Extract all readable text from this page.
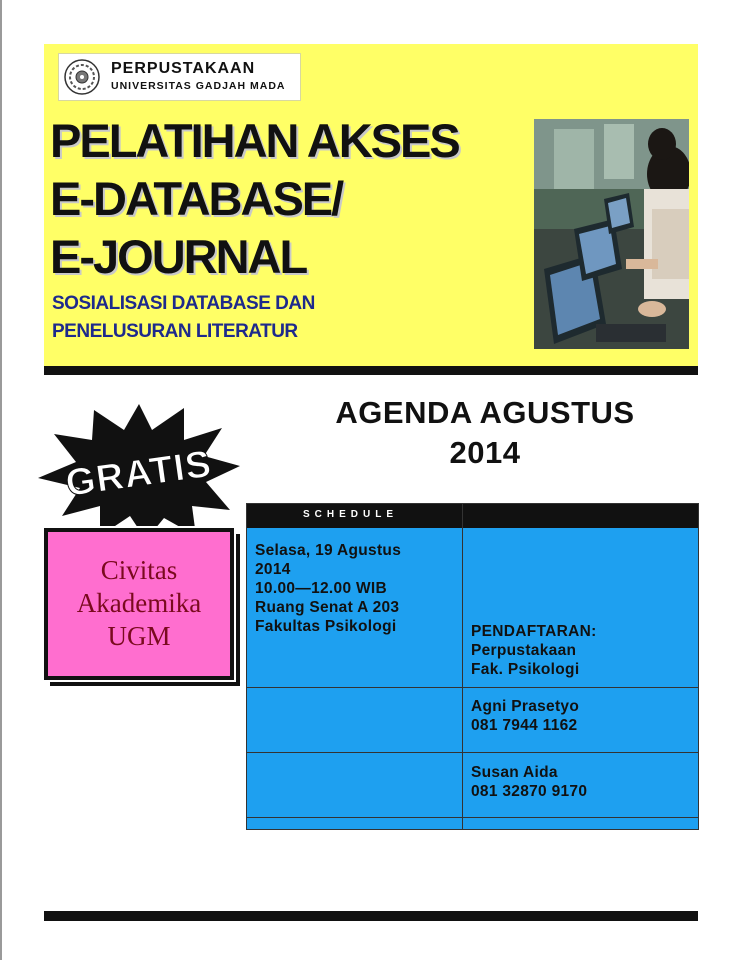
PERPUSTAKAAN
UNIVERSITAS GADJAH MADA
PELATIHAN AKSES
E-DATABASE/
E-JOURNAL
SOSIALISASI DATABASE DAN
PENELUSURAN LITERATUR
AGENDA AGUSTUS
2014
GRATIS
Civitas
Akademika
UGM
SCHEDULE
Selasa, 19 Agustus
2014
10.00—12.00 WIB
Ruang Senat A 203
Fakultas Psikologi	PENDAFTARAN:
Perpustakaan
Fak. Psikologi
Agni Prasetyo
081 7944 1162
Susan Aida
081 32870 9170
